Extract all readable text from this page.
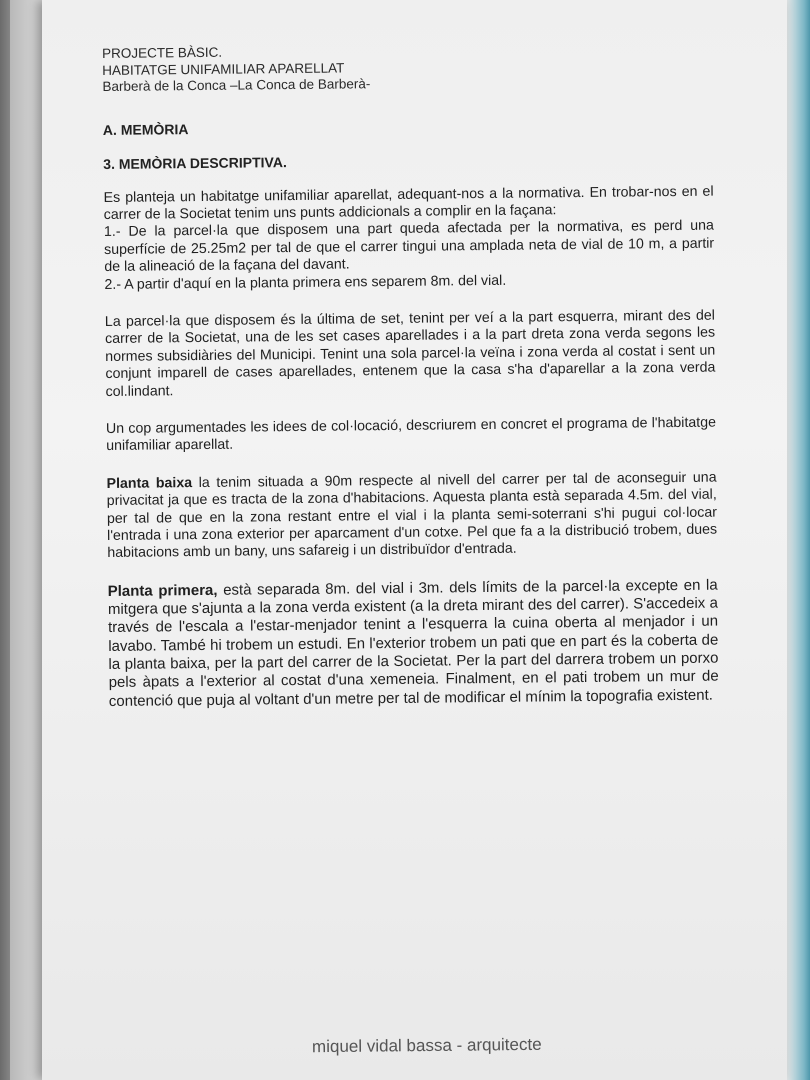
PROJECTE BÀSIC.
HABITATGE UNIFAMILIAR APARELLAT
Barberà de la Conca –La Conca de Barberà-
A. MEMÒRIA
3. MEMÒRIA DESCRIPTIVA.
Es planteja un habitatge unifamiliar aparellat, adequant-nos a la normativa. En trobar-nos en el carrer de la Societat tenim uns punts addicionals a complir en la façana:
1.- De la parcel·la que disposem una part queda afectada per la normativa, es perd una superfície de 25.25m2 per tal de que el carrer tingui una amplada neta de vial de 10 m, a partir de la alineació de la façana del davant.
2.- A partir d'aquí en la planta primera ens separem 8m. del vial.
La parcel·la que disposem és la última de set, tenint per veí a la part esquerra, mirant des del carrer de la Societat, una de les set cases aparellades i a la part dreta zona verda segons les normes subsidiàries del Municipi. Tenint una sola parcel·la veïna i zona verda al costat i sent un conjunt imparell de cases aparellades, entenem que la casa s'ha d'aparellar a la zona verda col.lindant.
Un cop argumentades les idees de col·locació, descriurem en concret el programa de l'habitatge unifamiliar aparellat.
Planta baixa la tenim situada a 90m respecte al nivell del carrer per tal de aconseguir una privacitat ja que es tracta de la zona d'habitacions. Aquesta planta està separada 4.5m. del vial, per tal de que en la zona restant entre el vial i la planta semi-soterrani s'hi pugui col·locar l'entrada i una zona exterior per aparcament d'un cotxe. Pel que fa a la distribució trobem, dues habitacions amb un bany, uns safareig i un distribuïdor d'entrada.
Planta primera, està separada 8m. del vial i 3m. dels límits de la parcel·la excepte en la mitgera que s'ajunta a la zona verda existent (a la dreta mirant des del carrer). S'accedeix a través de l'escala a l'estar-menjador tenint a l'esquerra la cuina oberta al menjador i un lavabo. També hi trobem un estudi. En l'exterior trobem un pati que en part és la coberta de la planta baixa, per la part del carrer de la Societat. Per la part del darrera trobem un porxo pels àpats a l'exterior al costat d'una xemeneia. Finalment, en el pati trobem un mur de contenció que puja al voltant d'un metre per tal de modificar el mínim la topografia existent.
miquel vidal bassa - arquitecte
